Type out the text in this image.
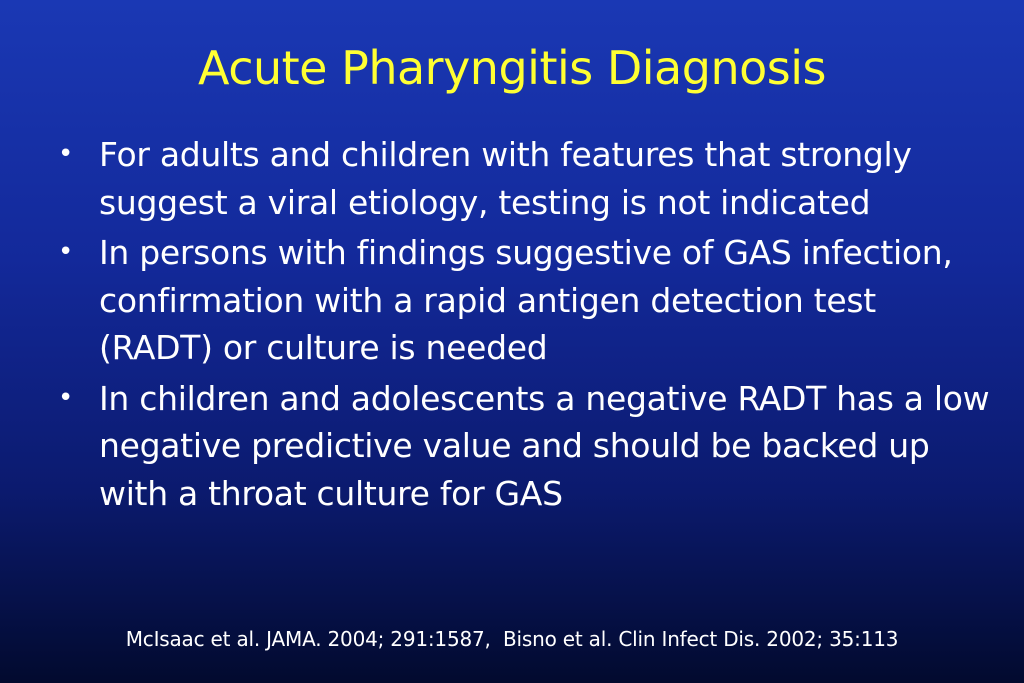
Acute Pharyngitis Diagnosis
• For adults and children with features that strongly suggest a viral etiology, testing is not indicated
• In persons with findings suggestive of GAS infection, confirmation with a rapid antigen detection test (RADT) or culture is needed
• In children and adolescents a negative RADT has a low negative predictive value and should be backed up with a throat culture for GAS
McIsaac et al. JAMA. 2004; 291:1587,  Bisno et al. Clin Infect Dis. 2002; 35:113
